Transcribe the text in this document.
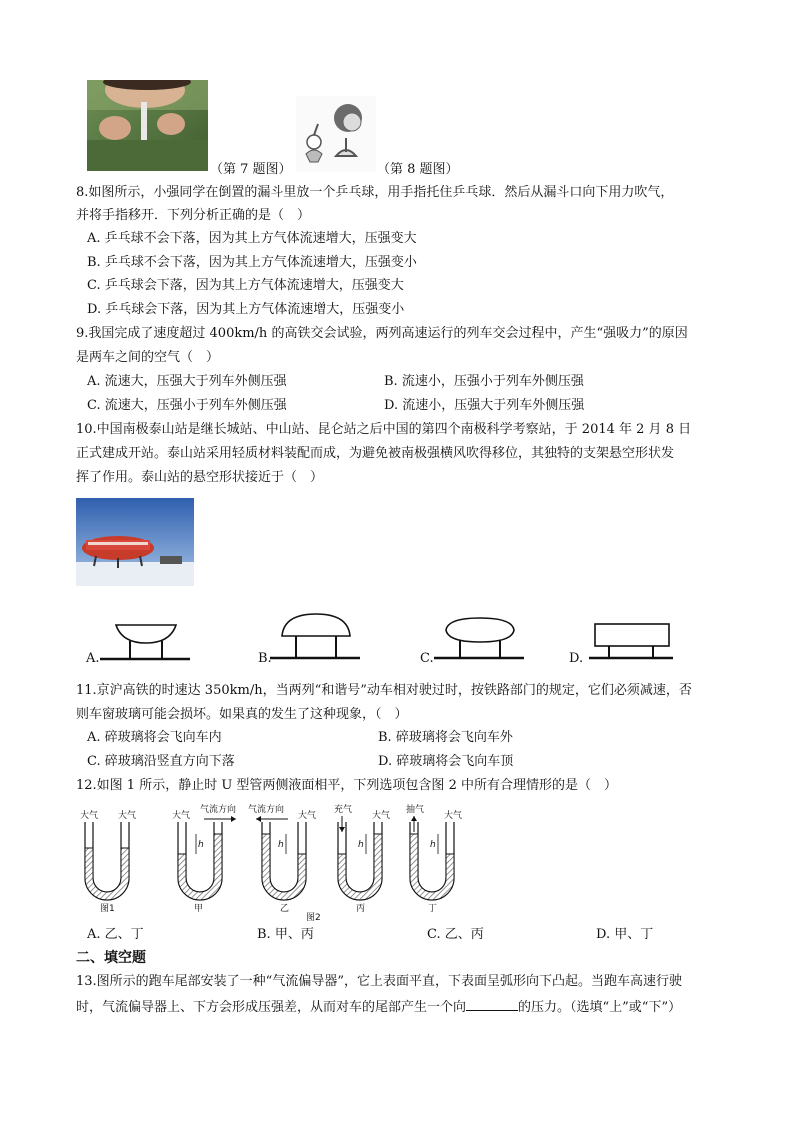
（第 7 题图）	（第 8 题图）
8.如图所示，小强同学在倒置的漏斗里放一个乒乓球，用手指托住乒乓球．然后从漏斗口向下用力吹气，
并将手指移开．下列分析正确的是（　）
A. 乒乓球不会下落，因为其上方气体流速增大，压强变大
B. 乒乓球不会下落，因为其上方气体流速增大，压强变小
C. 乒乓球会下落，因为其上方气体流速增大，压强变大
D. 乒乓球会下落，因为其上方气体流速增大，压强变小
9.我国完成了速度超过 400km/h 的高铁交会试验，两列高速运行的列车交会过程中，产生“强吸力”的原因
是两车之间的空气（　）
A. 流速大，压强大于列车外侧压强	B. 流速小，压强小于列车外侧压强
C. 流速大，压强小于列车外侧压强	D. 流速小，压强大于列车外侧压强
10.中国南极泰山站是继长城站、中山站、昆仑站之后中国的第四个南极科学考察站，于 2014 年 2 月 8 日
正式建成开站。泰山站采用轻质材料装配而成，为避免被南极强横风吹得移位，其独特的支架悬空形状发
挥了作用。泰山站的悬空形状接近于（　）
A.	B.	C.	D.
11.京沪高铁的时速达 350km/h，当两列“和谐号”动车相对驶过时，按铁路部门的规定，它们必须减速，否
则车窗玻璃可能会损坏。如果真的发生了这种现象，（　）
A. 碎玻璃将会飞向车内	B. 碎玻璃将会飞向车外
C. 碎玻璃沿竖直方向下落	D. 碎玻璃将会飞向车顶
12.如图 1 所示，静止时 U 型管两侧液面相平，下列选项包含图 2 中所有合理情形的是（　）
大气 大气
图1
大气
气流方向
h
甲
气流方向
大气
h
乙
充气
大气
h
丙
抽气
大气
h
丁
图2
A. 乙、丁	B. 甲、丙	C. 乙、丙	D. 甲、丁
二、填空题
13.图所示的跑车尾部安装了一种“气流偏导器”，它上表面平直，下表面呈弧形向下凸起。当跑车高速行驶
时，气流偏导器上、下方会形成压强差，从而对车的尾部产生一个向	的压力。（选填“上”或“下”）
